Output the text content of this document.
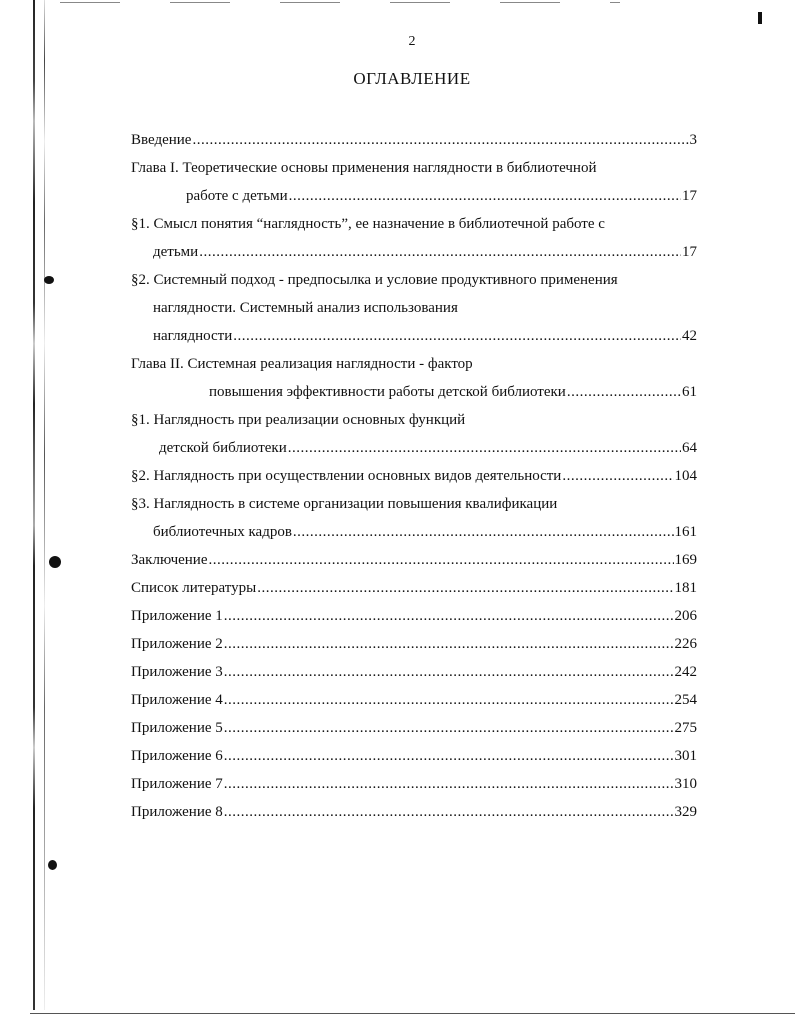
2
ОГЛАВЛЕНИЕ
Введение .....	3
Глава I. Теоретические основы применения наглядности в библиотечной
работе с детьми .....	17
§1. Смысл понятия “наглядность”, ее назначение в библиотечной работе с
детьми .....	17
§2. Системный подход - предпосылка и условие продуктивного применения
наглядности. Системный анализ использования
наглядности .....	42
Глава II. Системная реализация наглядности - фактор
повышения эффективности работы детской библиотеки .....	61
§1. Наглядность при реализации основных функций
детской библиотеки .....	64
§2. Наглядность при осуществлении основных видов деятельности .....	104
§3. Наглядность в системе организации повышения квалификации
библиотечных кадров .....	161
Заключение .....	169
Список литературы .....	181
Приложение 1 .....	206
Приложение 2 .....	226
Приложение 3 .....	242
Приложение 4 .....	254
Приложение 5 .....	275
Приложение 6 .....	301
Приложение 7 .....	310
Приложение 8 .....	329
